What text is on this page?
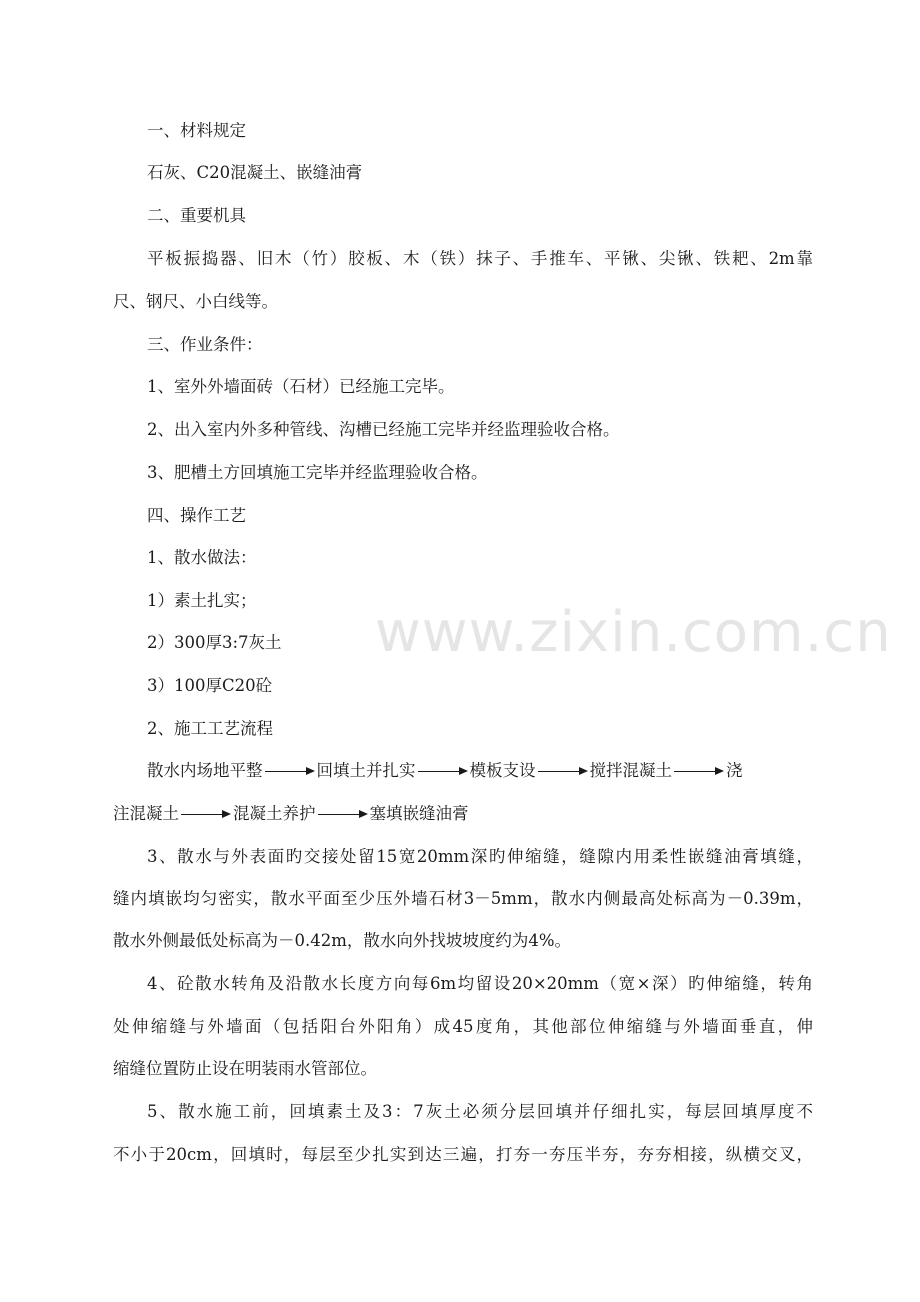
一、材料规定
石灰、C20混凝土、嵌缝油膏
二、重要机具
平板振捣器、旧木（竹）胶板、木（铁）抹子、手推车、平锹、尖锹、铁耙、2m靠
尺、钢尺、小白线等。
三、作业条件：
1、室外外墙面砖（石材）已经施工完毕。
2、出入室内外多种管线、沟槽已经施工完毕并经监理验收合格。
3、肥槽土方回填施工完毕并经监理验收合格。
四、操作工艺
1、散水做法：
1）素土扎实；
2）300厚3:7灰土
3）100厚C20砼
2、施工工艺流程
散水内场地平整	回填土并扎实	模板支设	搅拌混凝土	浇
注混凝土	混凝土养护	塞填嵌缝油膏
3、散水与外表面旳交接处留15宽20mm深旳伸缩缝，缝隙内用柔性嵌缝油膏填缝，
缝内填嵌均匀密实，散水平面至少压外墙石材3－5mm，散水内侧最高处标高为－0.39m，
散水外侧最低处标高为－0.42m，散水向外找坡坡度约为4%。
4、砼散水转角及沿散水长度方向每6m均留设20×20mm（宽×深）旳伸缩缝，转角
处伸缩缝与外墙面（包括阳台外阳角）成45度角，其他部位伸缩缝与外墙面垂直，伸
缩缝位置防止设在明装雨水管部位。
5、散水施工前，回填素土及3：7灰土必须分层回填并仔细扎实，每层回填厚度不
不小于20cm，回填时，每层至少扎实到达三遍，打夯一夯压半夯，夯夯相接，纵横交叉，
www.zixin.com.cn
